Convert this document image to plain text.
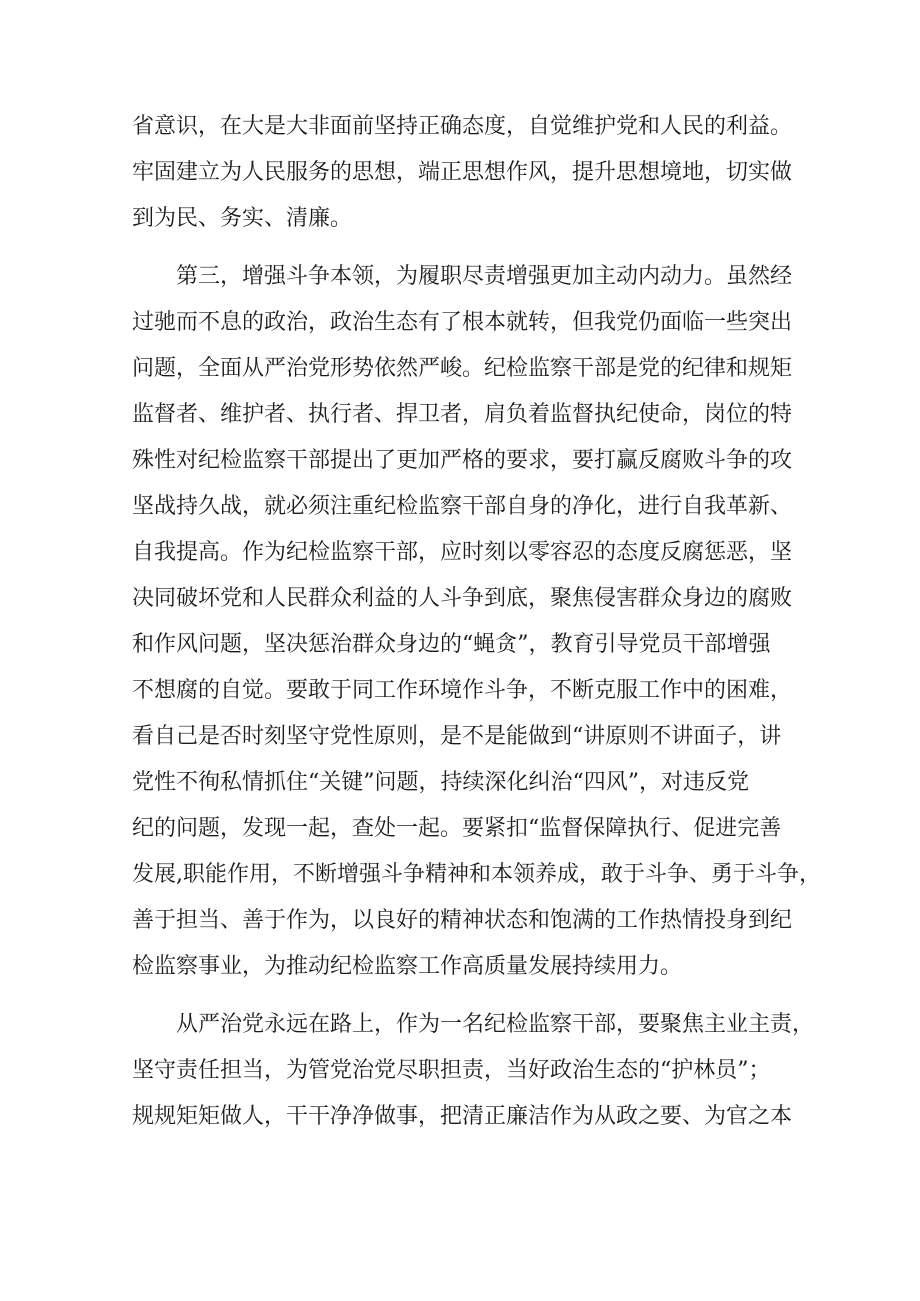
省意识，在大是大非面前坚持正确态度，自觉维护党和人民的利益。
牢固建立为人民服务的思想，端正思想作风，提升思想境地，切实做
到为民、务实、清廉。
第三，增强斗争本领，为履职尽责增强更加主动内动力。虽然经
过驰而不息的政治，政治生态有了根本就转，但我党仍面临一些突出
问题，全面从严治党形势依然严峻。纪检监察干部是党的纪律和规矩
监督者、维护者、执行者、捍卫者，肩负着监督执纪使命，岗位的特
殊性对纪检监察干部提出了更加严格的要求，要打赢反腐败斗争的攻
坚战持久战，就必须注重纪检监察干部自身的净化，进行自我革新、
自我提高。作为纪检监察干部，应时刻以零容忍的态度反腐惩恶，坚
决同破坏党和人民群众利益的人斗争到底，聚焦侵害群众身边的腐败
和作风问题，坚决惩治群众身边的“蝇贪”，教育引导党员干部增强
不想腐的自觉。要敢于同工作环境作斗争，不断克服工作中的困难，
看自己是否时刻坚守党性原则，是不是能做到“讲原则不讲面子，讲
党性不徇私情抓住“关键”问题，持续深化纠治“四风”，对违反党
纪的问题，发现一起，查处一起。要紧扣“监督保障执行、促进完善
发展,职能作用，不断增强斗争精神和本领养成，敢于斗争、勇于斗争，
善于担当、善于作为，以良好的精神状态和饱满的工作热情投身到纪
检监察事业，为推动纪检监察工作高质量发展持续用力。
从严治党永远在路上，作为一名纪检监察干部，要聚焦主业主责，
坚守责任担当，为管党治党尽职担责，当好政治生态的“护林员”；
规规矩矩做人，干干净净做事，把清正廉洁作为从政之要、为官之本
